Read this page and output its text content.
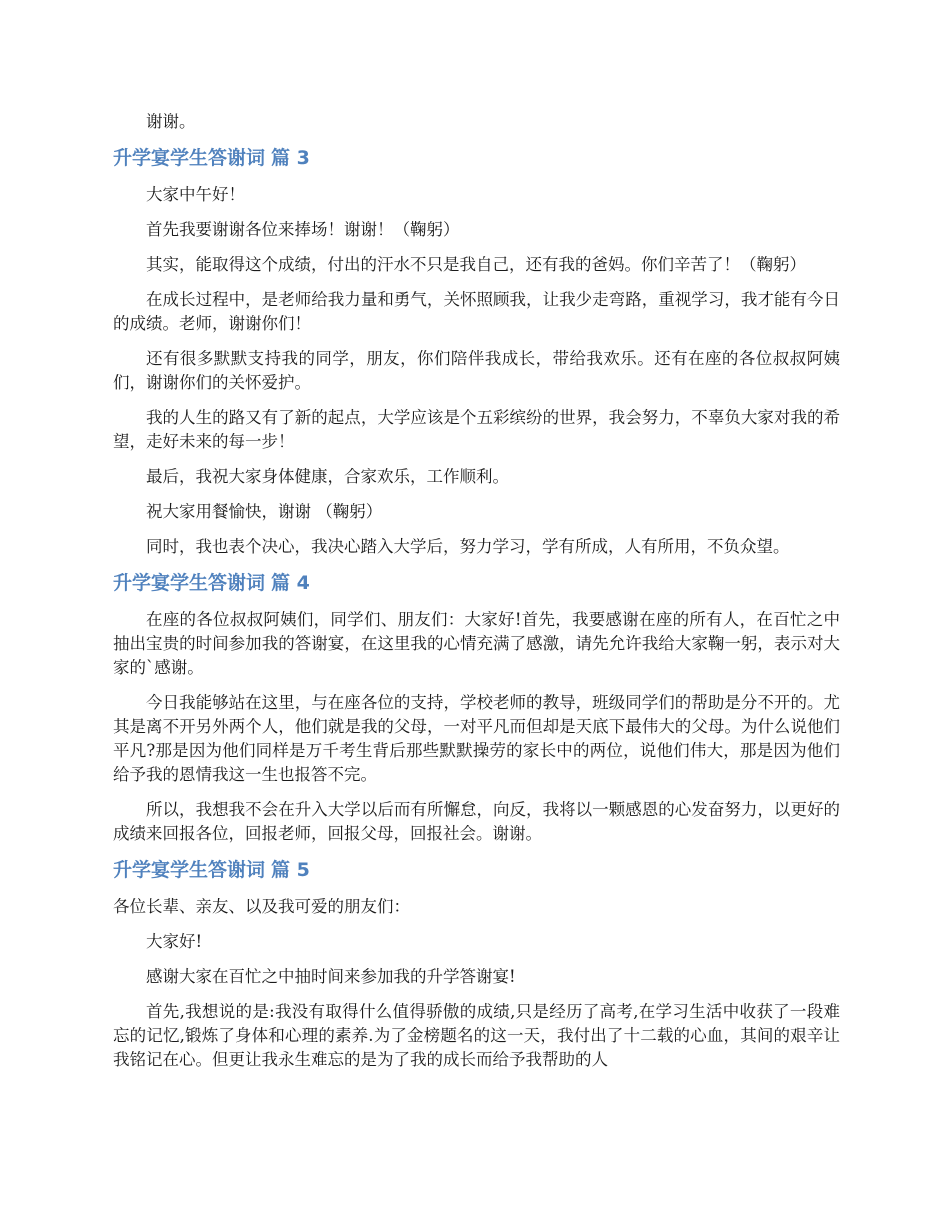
谢谢。

升学宴学生答谢词 篇 3

大家中午好！

首先我要谢谢各位来捧场！谢谢！（鞠躬）

其实，能取得这个成绩，付出的汗水不只是我自己，还有我的爸妈。你们辛苦了！（鞠躬）

在成长过程中，是老师给我力量和勇气，关怀照顾我，让我少走弯路，重视学习，我才能有今日的成绩。老师，谢谢你们！

还有很多默默支持我的同学，朋友，你们陪伴我成长，带给我欢乐。还有在座的各位叔叔阿姨们，谢谢你们的关怀爱护。

我的人生的路又有了新的起点，大学应该是个五彩缤纷的世界，我会努力，不辜负大家对我的希望，走好未来的每一步！

最后，我祝大家身体健康，合家欢乐，工作顺利。

祝大家用餐愉快，谢谢 （鞠躬）

同时，我也表个决心，我决心踏入大学后，努力学习，学有所成，人有所用，不负众望。

升学宴学生答谢词 篇 4

在座的各位叔叔阿姨们，同学们、朋友们：大家好!首先，我要感谢在座的所有人，在百忙之中抽出宝贵的时间参加我的答谢宴，在这里我的心情充满了感激，请先允许我给大家鞠一躬，表示对大家的`感谢。

今日我能够站在这里，与在座各位的支持，学校老师的教导，班级同学们的帮助是分不开的。尤其是离不开另外两个人，他们就是我的父母，一对平凡而但却是天底下最伟大的父母。为什么说他们平凡?那是因为他们同样是万千考生背后那些默默操劳的家长中的两位，说他们伟大，那是因为他们给予我的恩情我这一生也报答不完。

所以，我想我不会在升入大学以后而有所懈怠，向反，我将以一颗感恩的心发奋努力，以更好的成绩来回报各位，回报老师，回报父母，回报社会。谢谢。

升学宴学生答谢词 篇 5

各位长辈、亲友、以及我可爱的朋友们：

大家好!

感谢大家在百忙之中抽时间来参加我的升学答谢宴!

首先,我想说的是:我没有取得什么值得骄傲的成绩,只是经历了高考,在学习生活中收获了一段难忘的记忆,锻炼了身体和心理的素养.为了金榜题名的这一天，我付出了十二载的心血，其间的艰辛让我铭记在心。但更让我永生难忘的是为了我的成长而给予我帮助的人
